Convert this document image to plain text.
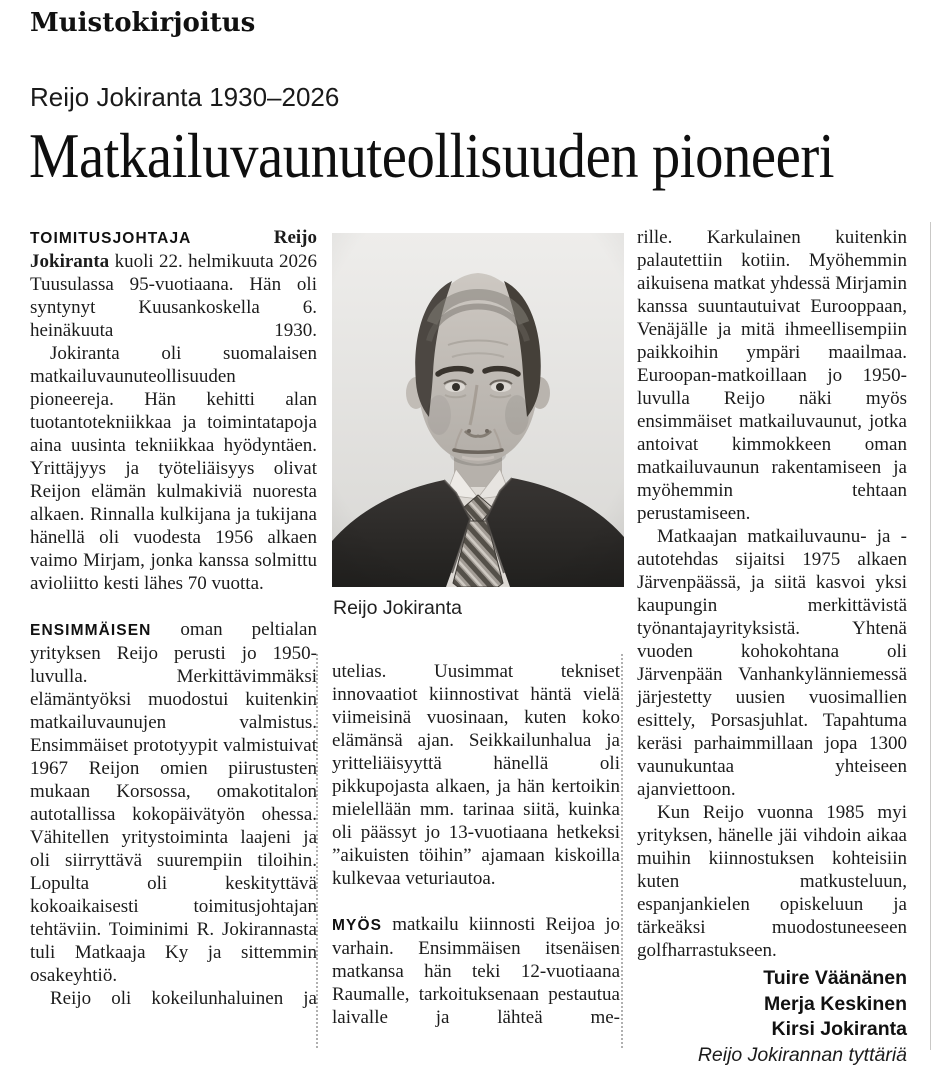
Muistokirjoitus
Reijo Jokiranta 1930–2026
Matkailuvaunuteollisuuden pioneeri

TOIMITUSJOHTAJA	Reijo Jokiranta kuoli 22. helmikuuta 2026 Tuusulassa 95-vuotiaana. Hän oli syntynyt Kuusankoskella 6. heinäkuuta 1930.

Jokiranta oli suomalaisen matkailuvaunuteollisuuden pioneereja. Hän kehitti alan tuotantotekniikkaa ja toimintatapoja aina uusinta tekniikkaa hyödyntäen. Yrittäjyys ja työteliäisyys olivat Reijon elämän kulmakiviä nuoresta alkaen. Rinnalla kulkijana ja tukijana hänellä oli vuodesta 1956 alkaen vaimo Mirjam, jonka kanssa solmittu avioliitto kesti lähes 70 vuotta.

ENSIMMÄISEN oman peltialan yrityksen Reijo perusti jo 1950-luvulla. Merkittävimmäksi elämäntyöksi muodostui kuitenkin matkailuvaunujen valmistus. Ensimmäiset prototyypit valmistuivat 1967 Reijon omien piirustusten mukaan Korsossa, omakotitalon autotallissa kokopäivätyön ohessa. Vähitellen yritystoiminta laajeni ja oli siirryttävä suurempiin tiloihin. Lopulta oli keskityttävä kokoaikaisesti toimitusjohtajan tehtäviin. Toiminimi R. Jokirannasta tuli Matkaaja Ky ja sittemmin osakeyhtiö.

Reijo oli kokeilunhaluinen ja

Reijo Jokiranta

utelias. Uusimmat tekniset innovaatiot kiinnostivat häntä vielä viimeisinä vuosinaan, kuten koko elämänsä ajan. Seikkailunhalua ja yritteliäisyyttä hänellä oli pikkupojasta alkaen, ja hän kertoikin mielellään mm. tarinaa siitä, kuinka oli päässyt jo 13-vuotiaana hetkeksi ”aikuisten töihin” ajamaan kiskoilla kulkevaa veturiautoa.

MYÖS matkailu kiinnosti Reijoa jo varhain. Ensimmäisen itsenäisen matkansa hän teki 12-vuotiaana Raumalle, tarkoituksenaan pestautua laivalle ja lähteä me-

rille. Karkulainen kuitenkin palautettiin kotiin. Myöhemmin aikuisena matkat yhdessä Mirjamin kanssa suuntautuivat Eurooppaan, Venäjälle ja mitä ihmeellisempiin paikkoihin ympäri maailmaa. Euroopan-matkoillaan jo 1950-luvulla Reijo näki myös ensimmäiset matkailuvaunut, jotka antoivat kimmokkeen oman matkailuvaunun rakentamiseen ja myöhemmin tehtaan perustamiseen.

Matkaajan matkailuvaunu- ja -autotehdas sijaitsi 1975 alkaen Järvenpäässä, ja siitä kasvoi yksi kaupungin merkittävistä työnantajayrityksistä. Yhtenä vuoden kohokohtana oli Järvenpään Vanhankylänniemessä järjestetty uusien vuosimallien esittely, Porsasjuhlat. Tapahtuma keräsi parhaimmillaan jopa 1300 vaunukuntaa yhteiseen ajanviettoon.

Kun Reijo vuonna 1985 myi yrityksen, hänelle jäi vihdoin aikaa muihin kiinnostuksen kohteisiin kuten matkusteluun, espanjankielen opiskeluun ja tärkeäksi muodostuneeseen golfharrastukseen.

Tuire Väänänen
Merja Keskinen
Kirsi Jokiranta

Reijo Jokirannan tyttäriä
